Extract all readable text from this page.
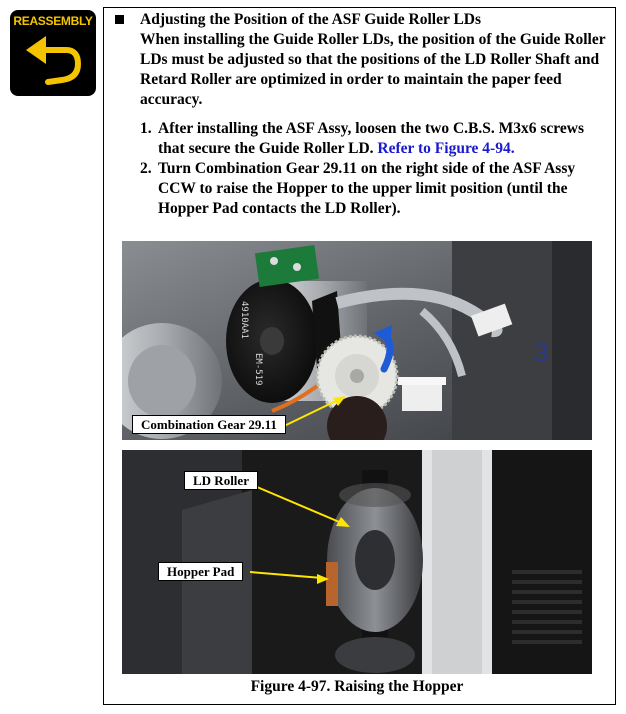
REASSEMBLY	Adjusting the Position of the ASF Guide Roller LDs

When installing the Guide Roller LDs, the position of the Guide Roller LDs must be adjusted so that the positions of the LD Roller Shaft and Retard Roller are optimized in order to maintain the paper feed accuracy.

1. After installing the ASF Assy, loosen the two C.B.S. M3x6 screws that secure the Guide Roller LD. Refer to Figure 4-94.
2. Turn Combination Gear 29.11 on the right side of the ASF Assy CCW to raise the Hopper to the upper limit position (until the Hopper Pad contacts the LD Roller).
3
4910AA1
EM-519
Combination Gear 29.11
LD Roller
Hopper Pad
Figure 4-97. Raising the Hopper
